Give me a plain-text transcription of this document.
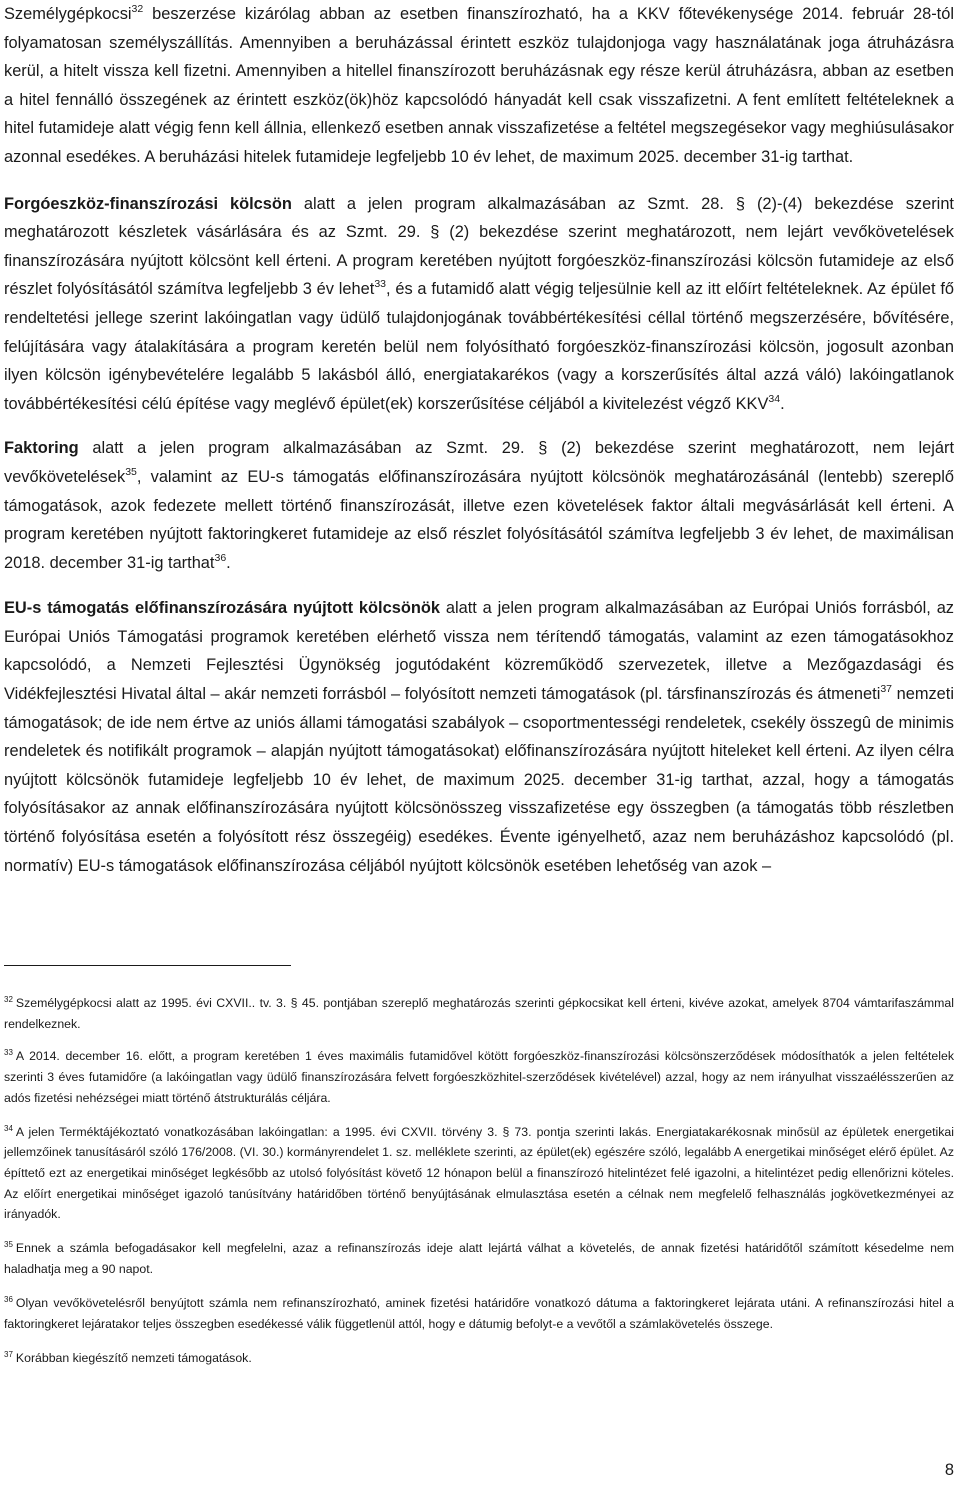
Személygépkocsi$^{32}$ beszerzése kizárólag abban az esetben finanszírozható, ha a KKV főtevékenysége 2014. február 28-tól folyamatosan személyszállítás. Amennyiben a beruházással érintett eszköz tulajdonjoga vagy használatának joga átruházásra kerül, a hitelt vissza kell fizetni. Amennyiben a hitellel finanszírozott beruházásnak egy része kerül átruházásra, abban az esetben a hitel fennálló összegének az érintett eszköz(ök)höz kapcsolódó hányadát kell csak visszafizetni. A fent említett feltételeknek a hitel futamideje alatt végig fenn kell állnia, ellenkező esetben annak visszafizetése a feltétel megszegésekor vagy meghiúsulásakor azonnal esedékes. A beruházási hitelek futamideje legfeljebb 10 év lehet, de maximum 2025. december 31-ig tarthat.

Forgóeszköz-finanszírozási kölcsön alatt a jelen program alkalmazásában az Szmt. 28. § (2)-(4) bekezdése szerint meghatározott készletek vásárlására és az Szmt. 29. § (2) bekezdése szerint meghatározott, nem lejárt vevőkövetelések finanszírozására nyújtott kölcsönt kell érteni. A program keretében nyújtott forgóeszköz-finanszírozási kölcsön futamideje az első részlet folyósításától számítva legfeljebb 3 év lehet$^{33}$, és a futamidő alatt végig teljesülnie kell az itt előírt feltételeknek. Az épület fő rendeltetési jellege szerint lakóingatlan vagy üdülő tulajdonjogának továbbértékesítési céllal történő megszerzésére, bővítésére, felújítására vagy átalakítására a program keretén belül nem folyósítható forgóeszköz-finanszírozási kölcsön, jogosult azonban ilyen kölcsön igénybevételére legalább 5 lakásból álló, energiatakarékos (vagy a korszerűsítés által azzá váló) lakóingatlanok továbbértékesítési célú építése vagy meglévő épület(ek) korszerűsítése céljából a kivitelezést végző KKV$^{34}$.

Faktoring alatt a jelen program alkalmazásában az Szmt. 29. § (2) bekezdése szerint meghatározott, nem lejárt vevőkövetelések$^{35}$, valamint az EU-s támogatás előfinanszírozására nyújtott kölcsönök meghatározásánál (lentebb) szereplő támogatások, azok fedezete mellett történő finanszírozását, illetve ezen követelések faktor általi megvásárlását kell érteni. A program keretében nyújtott faktoringkeret futamideje az első részlet folyósításától számítva legfeljebb 3 év lehet, de maximálisan 2018. december 31-ig tarthat$^{36}$.

EU-s támogatás előfinanszírozására nyújtott kölcsönök alatt a jelen program alkalmazásában az Európai Uniós forrásból, az Európai Uniós Támogatási programok keretében elérhető vissza nem térítendő támogatás, valamint az ezen támogatásokhoz kapcsolódó, a Nemzeti Fejlesztési Ügynökség jogutódaként közreműködő szervezetek, illetve a Mezőgazdasági és Vidékfejlesztési Hivatal által – akár nemzeti forrásból – folyósított nemzeti támogatások (pl. társfinanszírozás és átmeneti$^{37}$ nemzeti támogatások; de ide nem értve az uniós állami támogatási szabályok – csoportmentességi rendeletek, csekély összegû de minimis rendeletek és notifikált programok – alapján nyújtott támogatásokat) előfinanszírozására nyújtott hiteleket kell érteni. Az ilyen célra nyújtott kölcsönök futamideje legfeljebb 10 év lehet, de maximum 2025. december 31-ig tarthat, azzal, hogy a támogatás folyósításakor az annak előfinanszírozására nyújtott kölcsönösszeg visszafizetése egy összegben (a támogatás több részletben történő folyósítása esetén a folyósított rész összegéig) esedékes. Évente igényelhető, azaz nem beruházáshoz kapcsolódó (pl. normatív) EU-s támogatások előfinanszírozása céljából nyújtott kölcsönök esetében lehetőség van azok –

$^{32}$ Személygépkocsi alatt az 1995. évi CXVII.. tv. 3. § 45. pontjában szereplő meghatározás szerinti gépkocsikat kell érteni, kivéve azokat, amelyek 8704 vámtarifaszámmal rendelkeznek.

$^{33}$ A 2014. december 16. előtt, a program keretében 1 éves maximális futamidővel kötött forgóeszköz-finanszírozási kölcsönszerződések módosíthatók a jelen feltételek szerinti 3 éves futamidőre (a lakóingatlan vagy üdülő finanszírozására felvett forgóeszközhitel-szerződések kivételével) azzal, hogy az nem irányulhat visszaélésszerűen az adós fizetési nehézségei miatt történő átstrukturálás céljára.

$^{34}$ A jelen Terméktájékoztató vonatkozásában lakóingatlan: a 1995. évi CXVII. törvény 3. § 73. pontja szerinti lakás. Energiatakarékosnak minősül az épületek energetikai jellemzőinek tanusításáról szóló 176/2008. (VI. 30.) kormányrendelet 1. sz. melléklete szerinti, az épület(ek) egészére szóló, legalább A energetikai minőséget elérő épület. Az építtető ezt az energetikai minőséget legkésőbb az utolsó folyósítást követő 12 hónapon belül a finanszírozó hitelintézet felé igazolni, a hitelintézet pedig ellenőrizni köteles. Az előírt energetikai minőséget igazoló tanúsítvány határidőben történő benyújtásának elmulasztása esetén a célnak nem megfelelő felhasználás jogkövetkezményei az irányadók.

$^{35}$ Ennek a számla befogadásakor kell megfelelni, azaz a refinanszírozás ideje alatt lejártá válhat a követelés, de annak fizetési határidőtől számított késedelme nem haladhatja meg a 90 napot.

$^{36}$ Olyan vevőkövetelésről benyújtott számla nem refinanszírozható, aminek fizetési határidőre vonatkozó dátuma a faktoringkeret lejárata utáni. A refinanszírozási hitel a faktoringkeret lejáratakor teljes összegben esedékessé válik függetlenül attól, hogy e dátumig befolyt-e a vevőtől a számlakövetelés összege.

$^{37}$ Korábban kiegészítő nemzeti támogatások.

8
